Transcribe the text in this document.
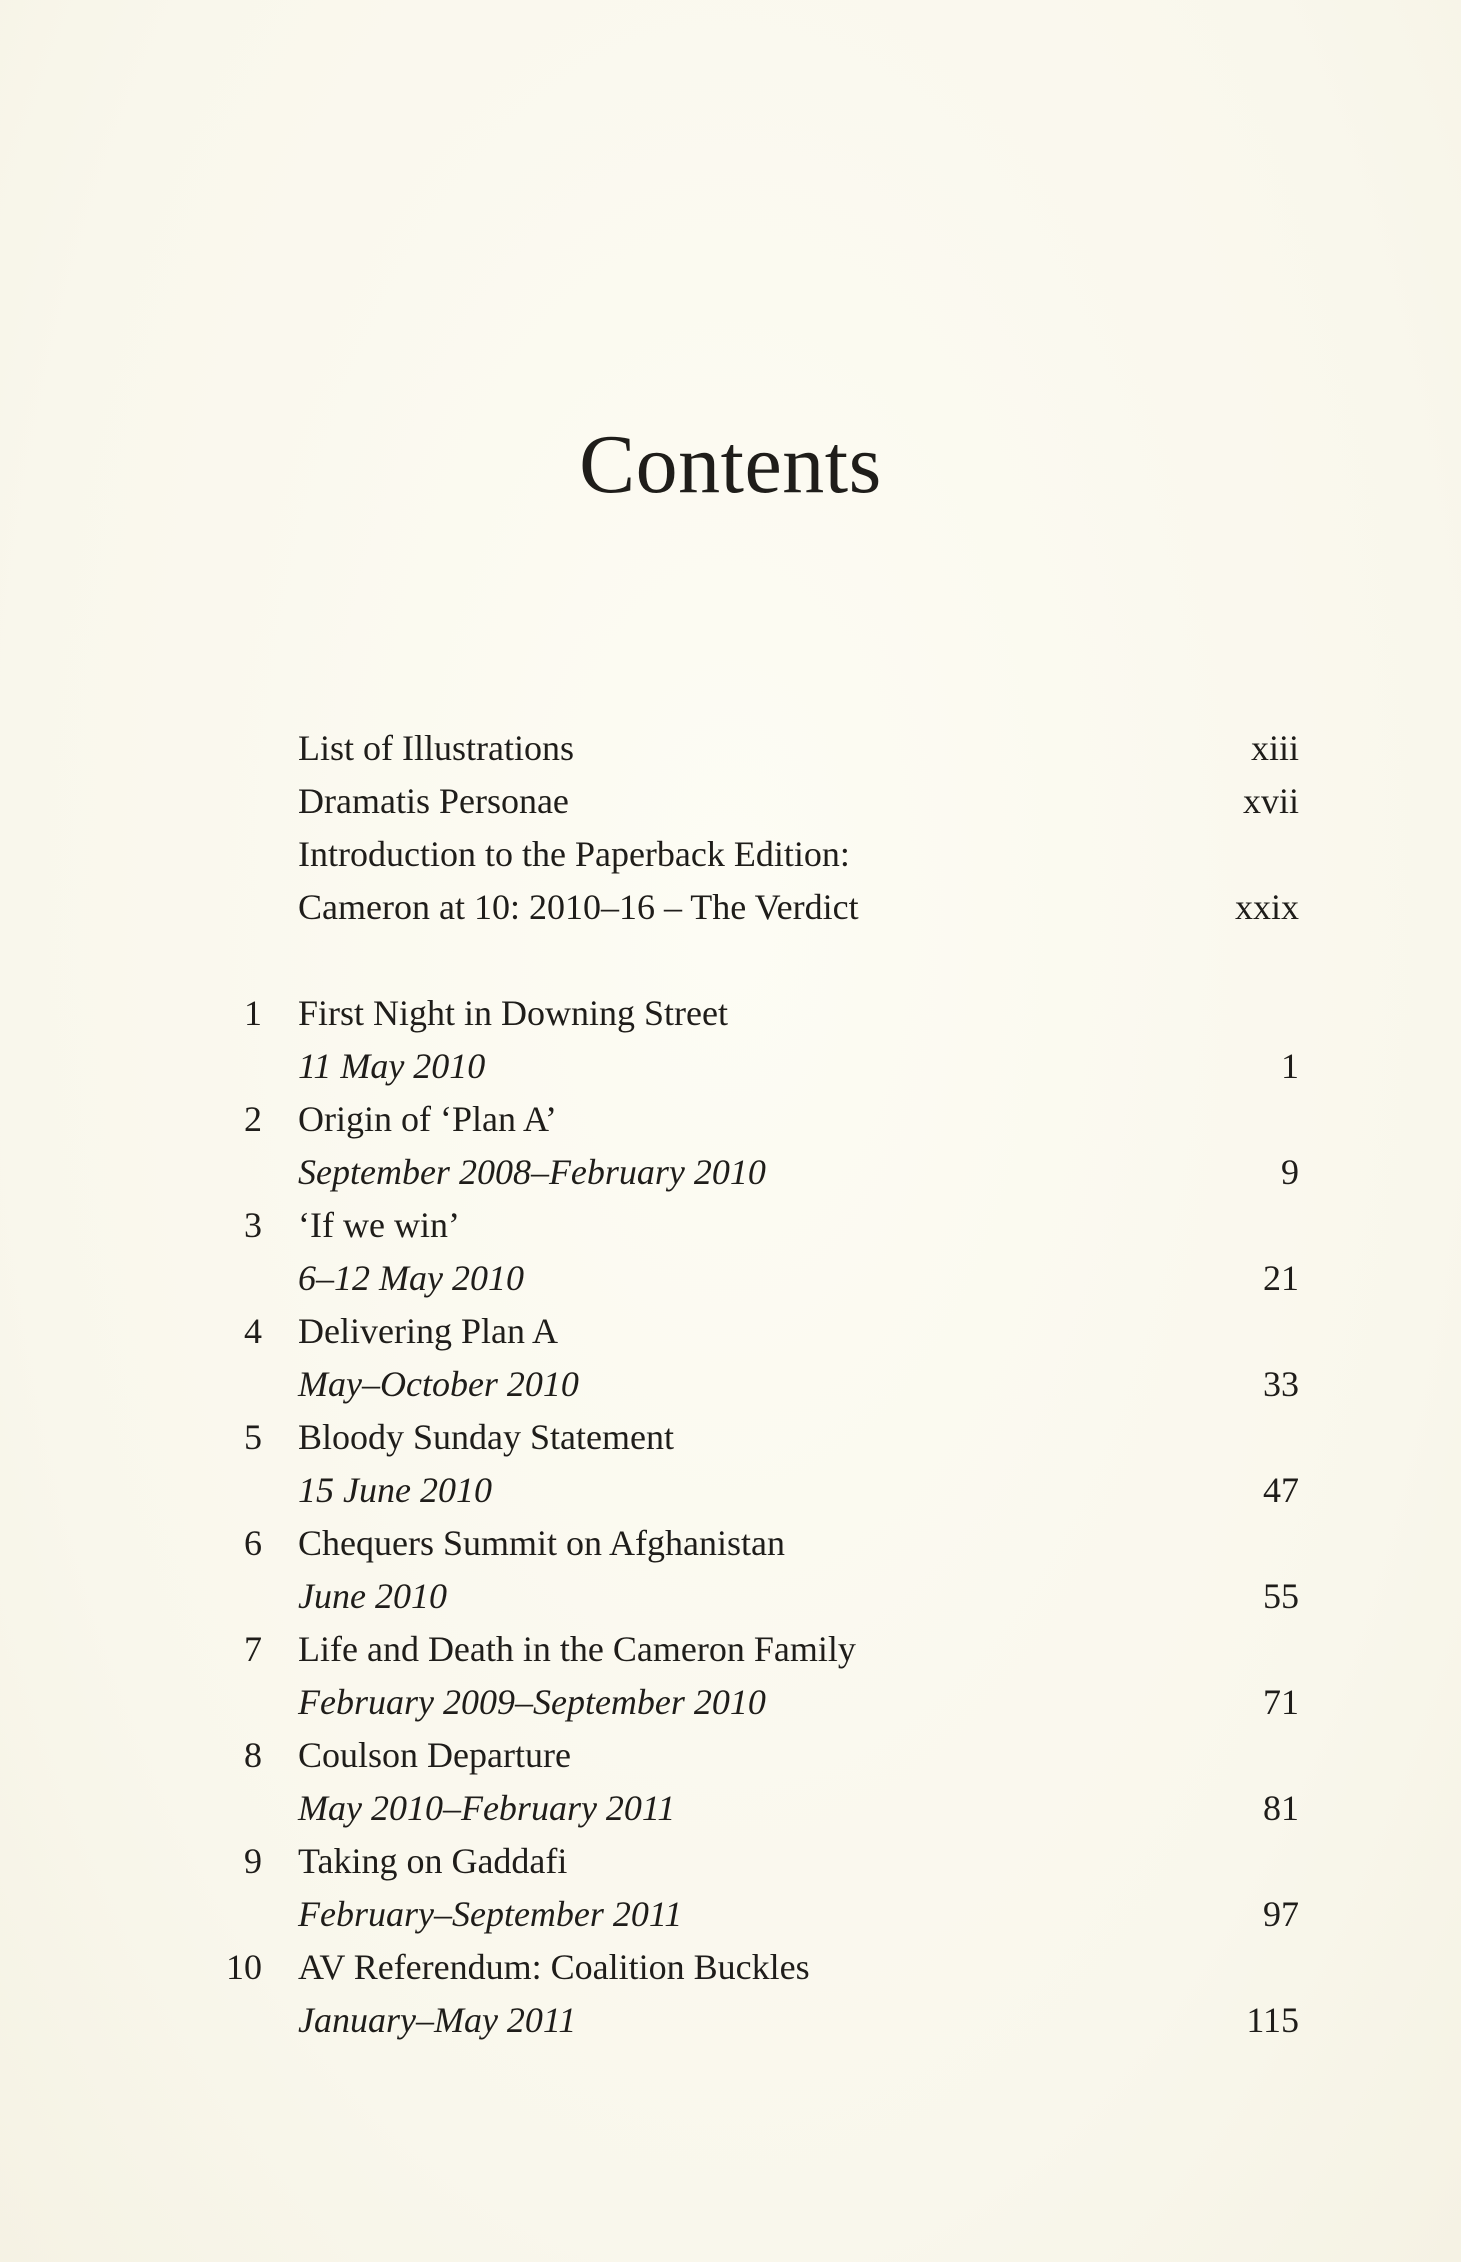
Contents
List of Illustrations	xiii
Dramatis Personae	xvii
Introduction to the Paperback Edition:
Cameron at 10: 2010–16 – The Verdict	xxix
1 First Night in Downing Street
11 May 2010	1
2 Origin of ‘Plan A’
September 2008–February 2010	9
3 ‘If we win’
6–12 May 2010	21
4 Delivering Plan A
May–October 2010	33
5 Bloody Sunday Statement
15 June 2010	47
6 Chequers Summit on Afghanistan
June 2010	55
7 Life and Death in the Cameron Family
February 2009–September 2010	71
8 Coulson Departure
May 2010–February 2011	81
9 Taking on Gaddafi
February–September 2011	97
10 AV Referendum: Coalition Buckles
January–May 2011	115
